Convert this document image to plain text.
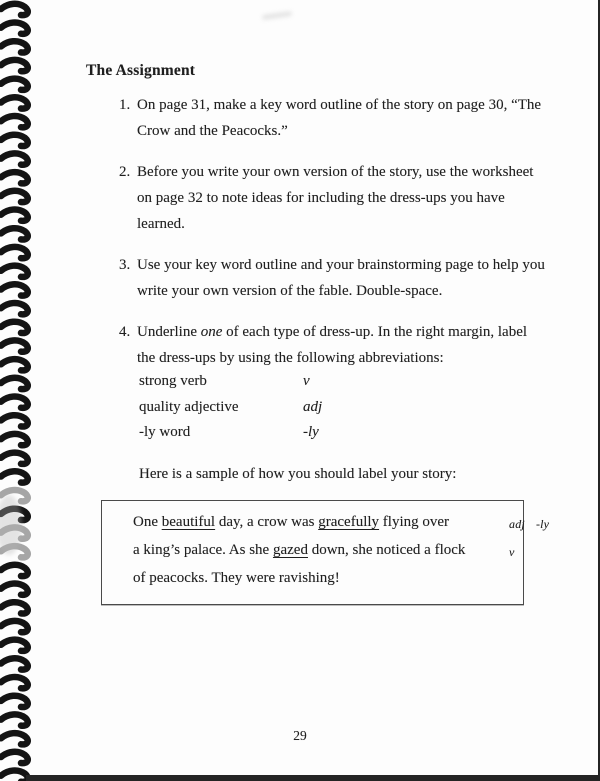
The Assignment
1. On page 31, make a key word outline of the story on page 30, “The
Crow and the Peacocks.”
2. Before you write your own version of the story, use the worksheet
on page 32 to note ideas for including the dress-ups you have
learned.
3. Use your key word outline and your brainstorming page to help you
write your own version of the fable. Double-space.
4. Underline one of each type of dress-up. In the right margin, label
the dress-ups by using the following abbreviations:
strong verb	v
quality adjective	adj
-ly word	-ly
Here is a sample of how you should label your story:
One beautiful day, a crow was gracefully flying over	adj -ly
a king’s palace. As she gazed down, she noticed a flock	v
of peacocks. They were ravishing!
29
